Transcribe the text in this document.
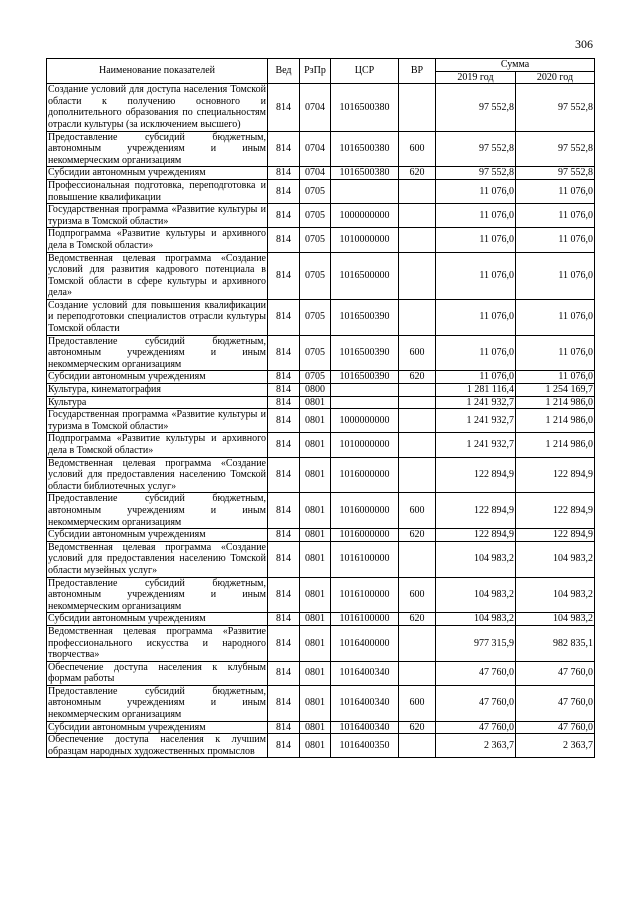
306
Наименование показателей	Вед	РзПр	ЦСР	ВР	Сумма	
					2019 год	2020 год
Создание условий для доступа населения Томской области к получению основного и дополнительного образования по специальностям отрасли культуры (за исключением высшего)	814	0704	1016500380		97 552,8	97 552,8
Предоставление субсидий бюджетным, автономным учреждениям и иным некоммерческим организациям	814	0704	1016500380	600	97 552,8	97 552,8
Субсидии автономным учреждениям	814	0704	1016500380	620	97 552,8	97 552,8
Профессиональная подготовка, переподготовка и повышение квалификации	814	0705			11 076,0	11 076,0
Государственная программа «Развитие культуры и туризма в Томской области»	814	0705	1000000000		11 076,0	11 076,0
Подпрограмма «Развитие культуры и архивного дела в Томской области»	814	0705	1010000000		11 076,0	11 076,0
Ведомственная целевая программа «Создание условий для развития кадрового потенциала в Томской области в сфере культуры и архивного дела»	814	0705	1016500000		11 076,0	11 076,0
Создание условий для повышения квалификации и переподготовки специалистов отрасли культуры Томской области	814	0705	1016500390		11 076,0	11 076,0
Предоставление субсидий бюджетным, автономным учреждениям и иным некоммерческим организациям	814	0705	1016500390	600	11 076,0	11 076,0
Субсидии автономным учреждениям	814	0705	1016500390	620	11 076,0	11 076,0
Культура, кинематография	814	0800			1 281 116,4	1 254 169,7
Культура	814	0801			1 241 932,7	1 214 986,0
Государственная программа «Развитие культуры и туризма в Томской области»	814	0801	1000000000		1 241 932,7	1 214 986,0
Подпрограмма «Развитие культуры и архивного дела в Томской области»	814	0801	1010000000		1 241 932,7	1 214 986,0
Ведомственная целевая программа «Создание условий для предоставления населению Томской области библиотечных услуг»	814	0801	1016000000		122 894,9	122 894,9
Предоставление субсидий бюджетным, автономным учреждениям и иным некоммерческим организациям	814	0801	1016000000	600	122 894,9	122 894,9
Субсидии автономным учреждениям	814	0801	1016000000	620	122 894,9	122 894,9
Ведомственная целевая программа «Создание условий для предоставления населению Томской области музейных услуг»	814	0801	1016100000		104 983,2	104 983,2
Предоставление субсидий бюджетным, автономным учреждениям и иным некоммерческим организациям	814	0801	1016100000	600	104 983,2	104 983,2
Субсидии автономным учреждениям	814	0801	1016100000	620	104 983,2	104 983,2
Ведомственная целевая программа «Развитие профессионального искусства и народного творчества»	814	0801	1016400000		977 315,9	982 835,1
Обеспечение доступа населения к клубным формам работы	814	0801	1016400340		47 760,0	47 760,0
Предоставление субсидий бюджетным, автономным учреждениям и иным некоммерческим организациям	814	0801	1016400340	600	47 760,0	47 760,0
Субсидии автономным учреждениям	814	0801	1016400340	620	47 760,0	47 760,0
Обеспечение доступа населения к лучшим образцам народных художественных промыслов	814	0801	1016400350		2 363,7	2 363,7
